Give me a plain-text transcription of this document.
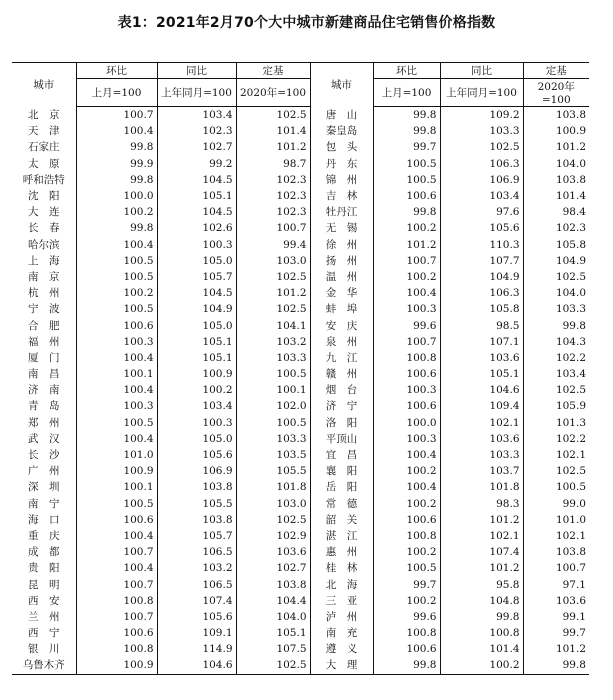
表1：2021年2月70个大中城市新建商品住宅销售价格指数
城市	环比	同比	定基	城市	环比	同比	定基
	上月=100	上年同月=100	2020年=100		上月=100	上年同月=100	2020年=100
北　京	100.7	103.4	102.5	唐　山	99.8	109.2	103.8
天　津	100.4	102.3	101.4	秦皇岛	99.8	103.3	100.9
石家庄	99.8	102.7	101.2	包　头	99.7	102.5	101.2
太　原	99.9	99.2	98.7	丹　东	100.5	106.3	104.0
呼和浩特	99.8	104.5	102.3	锦　州	100.5	106.9	103.8
沈　阳	100.0	105.1	102.3	吉　林	100.6	103.4	101.4
大　连	100.2	104.5	102.3	牡丹江	99.8	97.6	98.4
长　春	99.8	102.6	100.7	无　锡	100.2	105.6	102.3
哈尔滨	100.4	100.3	99.4	徐　州	101.2	110.3	105.8
上　海	100.5	105.0	103.0	扬　州	100.7	107.7	104.9
南　京	100.5	105.7	102.5	温　州	100.2	104.9	102.5
杭　州	100.2	104.5	101.2	金　华	100.4	106.3	104.0
宁　波	100.5	104.9	102.5	蚌　埠	100.3	105.8	103.3
合　肥	100.6	105.0	104.1	安　庆	99.6	98.5	99.8
福　州	100.3	105.1	103.2	泉　州	100.7	107.1	104.3
厦　门	100.4	105.1	103.3	九　江	100.8	103.6	102.2
南　昌	100.1	100.9	100.5	赣　州	100.6	105.1	103.4
济　南	100.4	100.2	100.1	烟　台	100.3	104.6	102.5
青　岛	100.3	103.4	102.0	济　宁	100.6	109.4	105.9
郑　州	100.5	100.3	100.5	洛　阳	100.0	102.1	101.3
武　汉	100.4	105.0	103.3	平顶山	100.3	103.6	102.2
长　沙	101.0	105.6	103.5	宜　昌	100.4	103.3	102.1
广　州	100.9	106.9	105.5	襄　阳	100.2	103.7	102.5
深　圳	100.1	103.8	101.8	岳　阳	100.4	101.8	100.5
南　宁	100.5	105.5	103.0	常　德	100.2	98.3	99.0
海　口	100.6	103.8	102.5	韶　关	100.6	101.2	101.0
重　庆	100.4	105.7	102.9	湛　江	100.8	102.1	102.1
成　都	100.7	106.5	103.6	惠　州	100.2	107.4	103.8
贵　阳	100.4	103.2	102.7	桂　林	100.5	101.2	100.7
昆　明	100.7	106.5	103.8	北　海	99.7	95.8	97.1
西　安	100.8	107.4	104.4	三　亚	100.2	104.8	103.6
兰　州	100.7	105.6	104.0	泸　州	99.6	99.8	99.1
西　宁	100.6	109.1	105.1	南　充	100.8	100.8	99.7
银　川	100.8	114.9	107.5	遵　义	100.6	101.4	101.2
乌鲁木齐	100.9	104.6	102.5	大　理	99.8	100.2	99.8
